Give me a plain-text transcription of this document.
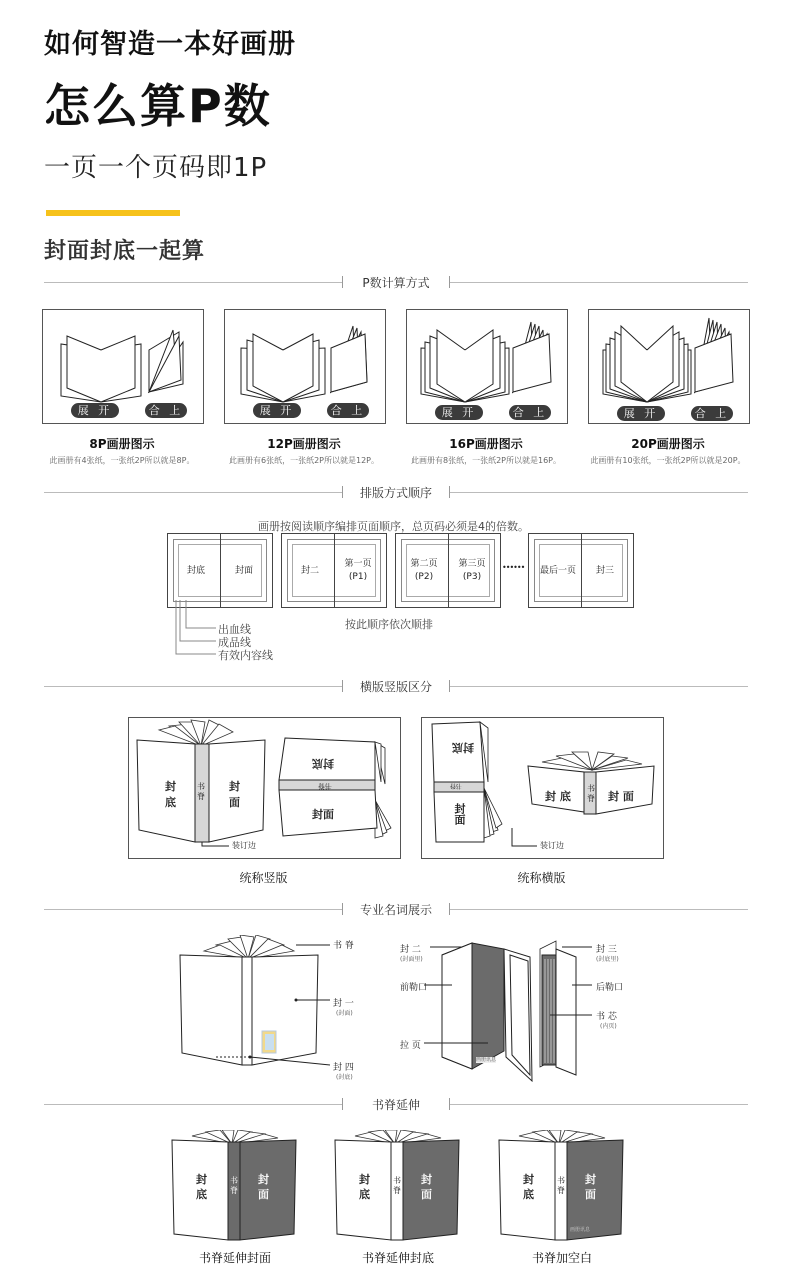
如何智造一本好画册
怎么算P数
一页一个页码即1P
封面封底一起算
P数计算方式
展 开	合 上
8P画册图示
此画册有4张纸，一张纸2P所以就是8P。
展 开	合 上
12P画册图示
此画册有6张纸，一张纸2P所以就是12P。
展 开	合 上
16P画册图示
此画册有8张纸，一张纸2P所以就是16P。
展 开	合 上
20P画册图示
此画册有10张纸，一张纸2P所以就是20P。
排版方式顺序
画册按阅读顺序编排页面顺序，总页码必须是4的倍数。
封底	封面	封二
第一页
(P1)
第二页
(P2)
第三页
(P3)
••••••	最后一页	封三
出血线
成品线
有效内容线
按此顺序依次顺排
横版竖版区分
封
底
书
脊
封
面
装订边
封底
书脊
封面
统称竖版
封底
书脊
封面
封 底
书
脊 封 面
装订边
统称横版
专业名词展示
书 脊
封 一
(封面)
封 四
(封底)
封 二
(封面里)
封 三
(封底里)
前勒口	后勒口
书 芯
(内页)
拉 页
画册讯息
书脊延伸
封
底
书
脊
封
面
书脊延伸封面
封
底
书
脊
封
面
书脊延伸封底
封
底
书
脊
封
面
画册讯息
书脊加空白
